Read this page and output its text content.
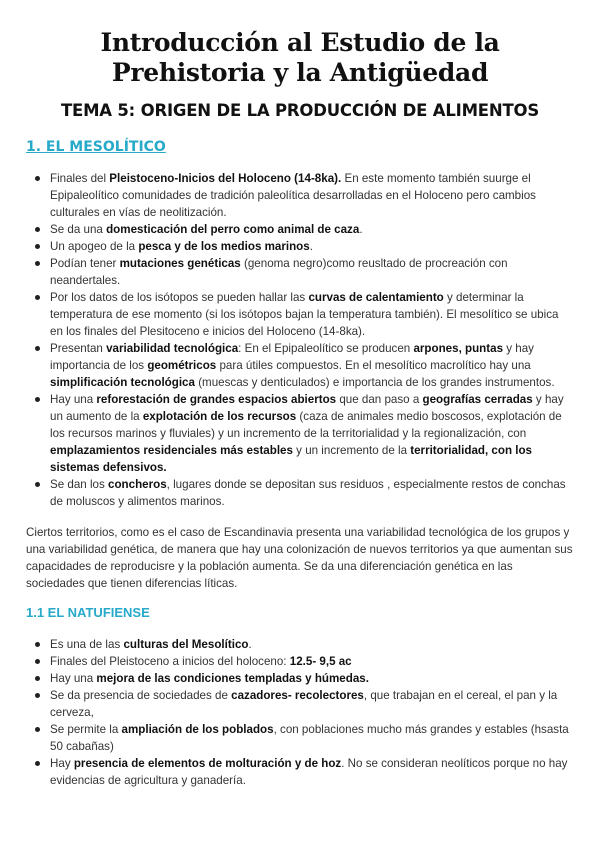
Introducción al Estudio de la Prehistoria y la Antigüedad
TEMA 5: ORIGEN DE LA PRODUCCIÓN DE ALIMENTOS
1. EL MESOLÍTICO
Finales del Pleistoceno-Inicios del Holoceno (14-8ka). En este momento también suurge el Epipaleolítico comunidades de tradición paleolítica desarrolladas en el Holoceno pero cambios culturales en vías de neolitización.
Se da una domesticación del perro como animal de caza.
Un apogeo de la pesca y de los medios marinos.
Podían tener mutaciones genéticas (genoma negro)como reusltado de procreación con neandertales.
Por los datos de los isótopos se pueden hallar las curvas de calentamiento y determinar la temperatura de ese momento (si los isótopos bajan la temperatura también). El mesolítico se ubica en los finales del Plesitoceno e inicios del Holoceno (14-8ka).
Presentan variabilidad tecnológica: En el Epipaleolítico se producen arpones, puntas y hay importancia de los geométricos para útiles compuestos. En el mesolítico macrolítico hay una simplificación tecnológica (muescas y denticulados) e importancia de los grandes instrumentos.
Hay una reforestación de grandes espacios abiertos que dan paso a geografías cerradas y hay un aumento de la explotación de los recursos (caza de animales medio boscosos, explotación de los recursos marinos y fluviales) y un incremento de la territorialidad y la regionalización, con emplazamientos residenciales más estables y un incremento de la territorialidad, con los sistemas defensivos.
Se dan los concheros, lugares donde se depositan sus residuos , especialmente restos de conchas de moluscos y alimentos marinos.

Ciertos territorios, como es el caso de Escandinavia presenta una variabilidad tecnológica de los grupos y una variabilidad genética, de manera que hay una colonización de nuevos territorios ya que aumentan sus capacidades de reproducisre y la población aumenta. Se da una diferenciación genética en las sociedades que tienen diferencias líticas.

1.1 EL NATUFIENSE
Es una de las culturas del Mesolítico.
Finales del Pleistoceno a inicios del holoceno: 12.5- 9,5 ac
Hay una mejora de las condiciones templadas y húmedas.
Se da presencia de sociedades de cazadores- recolectores, que trabajan en el cereal, el pan y la cerveza,
Se permite la ampliación de los poblados, con poblaciones mucho más grandes y estables (hsasta 50 cabañas)
Hay presencia de elementos de molturación y de hoz. No se consideran neolíticos porque no hay evidencias de agricultura y ganadería.
